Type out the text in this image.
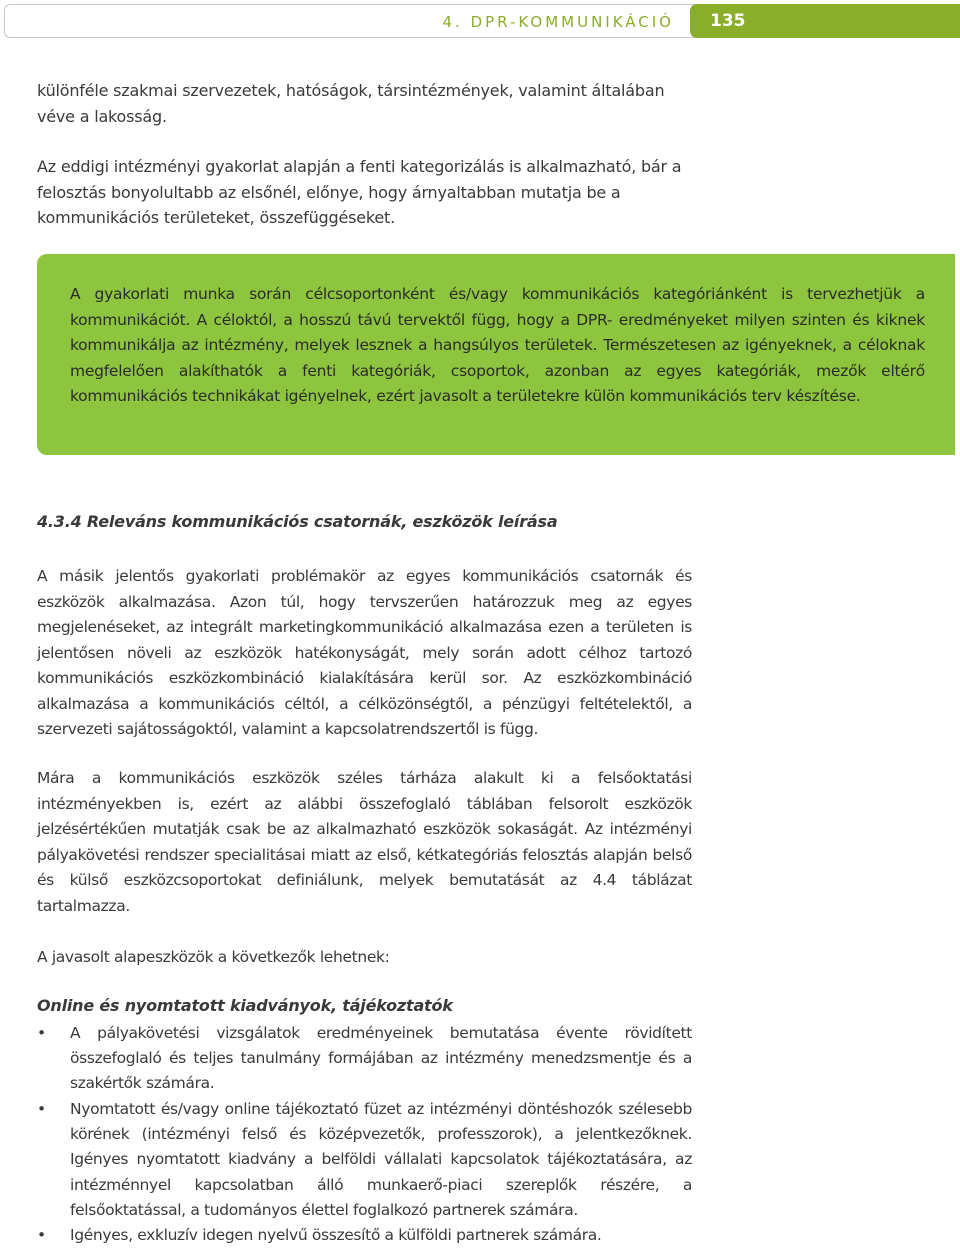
4. DPR-KOMMUNIKÁCIÓ	135

különféle szakmai szervezetek, hatóságok, társintézmények, valamint általában véve a lakosság.

Az eddigi intézményi gyakorlat alapján a fenti kategorizálás is alkalmazható, bár a felosztás bonyolultabb az elsőnél, előnye, hogy árnyaltabban mutatja be a kommunikációs területeket, összefüggéseket.

A gyakorlati munka során célcsoportonként és/vagy kommunikációs kategóriánként is tervezhetjük a kommunikációt. A céloktól, a hosszú távú tervektől függ, hogy a DPR- eredményeket milyen szinten és kiknek kommunikálja az intézmény, melyek lesznek a hangsúlyos területek. Természetesen az igényeknek, a céloknak megfelelően alakíthatók a fenti kategóriák, csoportok, azonban az egyes kategóriák, mezők eltérő kommunikációs technikákat igényelnek, ezért javasolt a területekre külön kommunikációs terv készítése.

4.3.4 Releváns kommunikációs csatornák, eszközök leírása

A másik jelentős gyakorlati problémakör az egyes kommunikációs csatornák és eszközök alkalmazása. Azon túl, hogy tervszerűen határozzuk meg az egyes megjelenéseket, az integrált marketingkommunikáció alkalmazása ezen a területen is jelentősen növeli az eszközök hatékonyságát, mely során adott célhoz tartozó kommunikációs eszközkombináció kialakítására kerül sor. Az eszközkombináció alkalmazása a kommunikációs céltól, a célközönségtől, a pénzügyi feltételektől, a szervezeti sajátosságoktól, valamint a kapcsolatrendszertől is függ.

Mára a kommunikációs eszközök széles tárháza alakult ki a felsőoktatási intézményekben is, ezért az alábbi összefoglaló táblában felsorolt eszközök jelzésértékűen mutatják csak be az alkalmazható eszközök sokaságát. Az intézményi pályakövetési rendszer specialitásai miatt az első, kétkategóriás felosztás alapján belső és külső eszközcsoportokat definiálunk, melyek bemutatását az 4.4 táblázat tartalmazza.

A javasolt alapeszközök a következők lehetnek:

Online és nyomtatott kiadványok, tájékoztatók
• A pályakövetési vizsgálatok eredményeinek bemutatása évente rövidített összefoglaló és teljes tanulmány formájában az intézmény menedzsmentje és a szakértők számára.
• Nyomtatott és/vagy online tájékoztató füzet az intézményi döntéshozók szélesebb körének (intézményi felső és középvezetők, professzorok), a jelentkezőknek. Igényes nyomtatott kiadvány a belföldi vállalati kapcsolatok tájékoztatására, az intézménnyel kapcsolatban álló munkaerő-piaci szereplők részére, a felsőoktatással, a tudományos élettel foglalkozó partnerek számára.
• Igényes, exkluzív idegen nyelvű összesítő a külföldi partnerek számára.
